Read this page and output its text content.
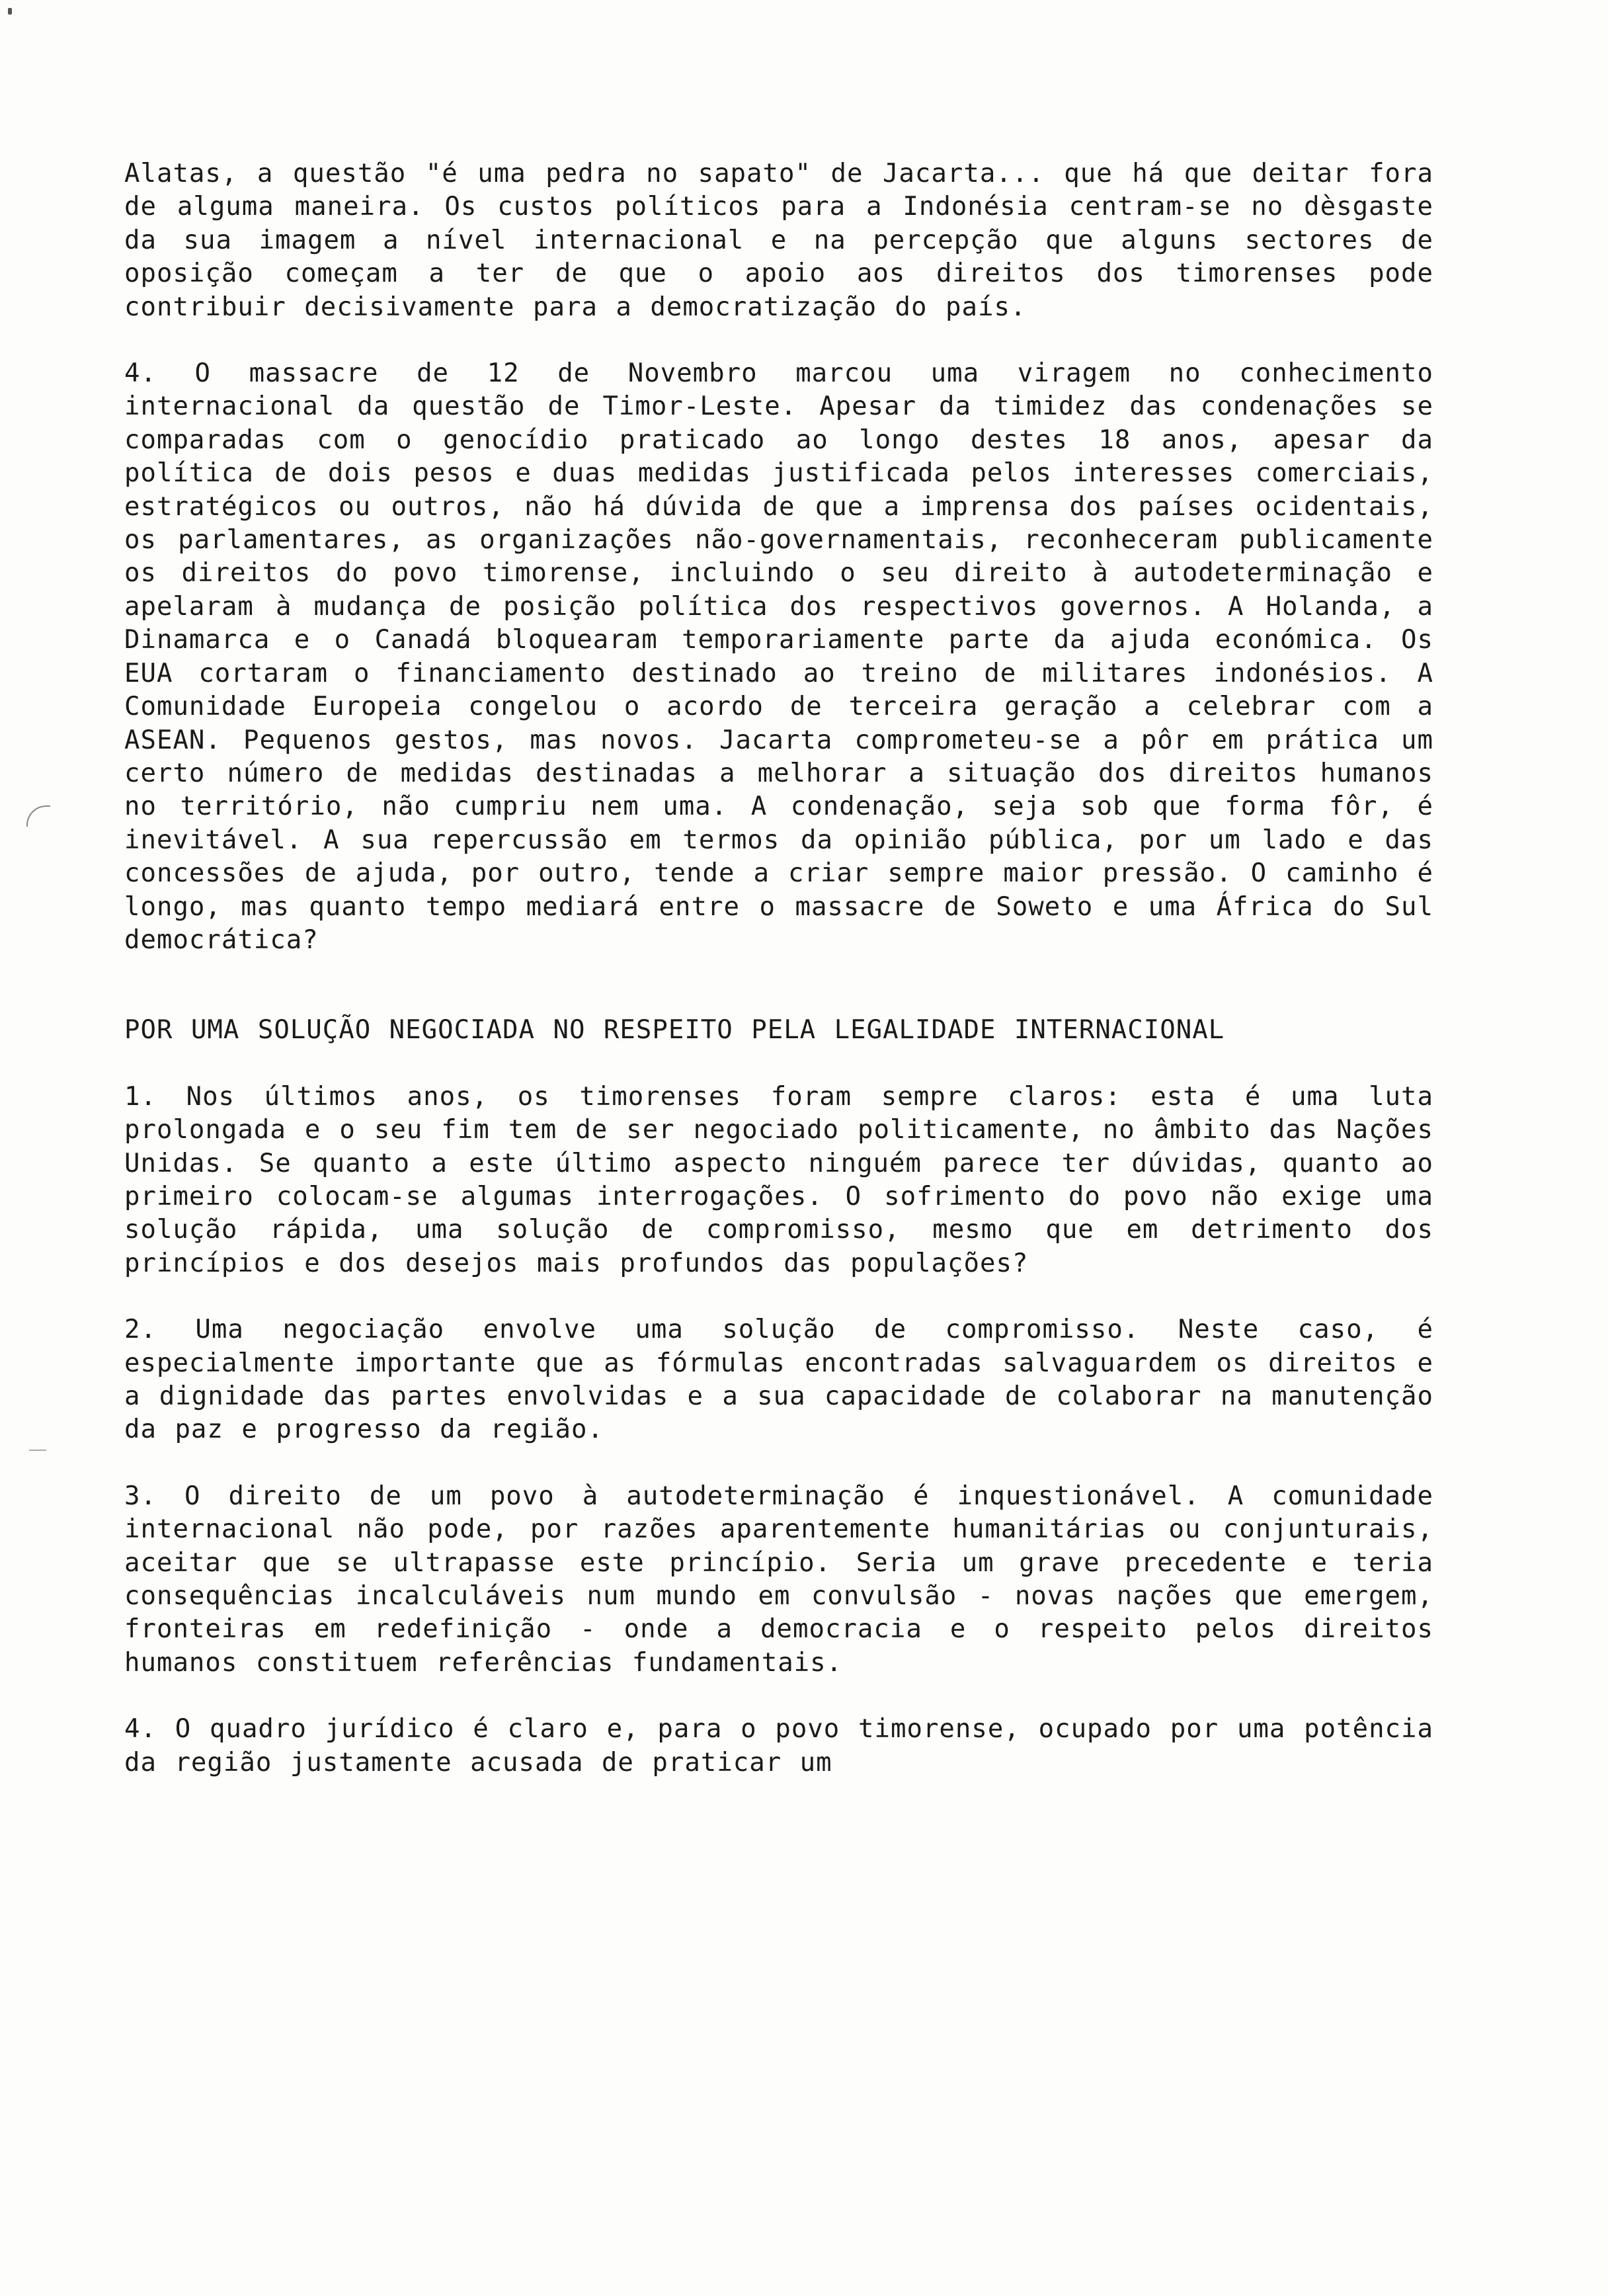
Alatas, a questão "é uma pedra no sapato" de Jacarta... que há que deitar fora de alguma maneira. Os custos políticos para a Indonésia centram-se no dèsgaste da sua imagem a nível internacional e na percepção que alguns sectores de oposição começam a ter de que o apoio aos direitos dos timorenses pode contribuir decisivamente para a democratização do país.

4. O massacre de 12 de Novembro marcou uma viragem no conhecimento internacional da questão de Timor-Leste. Apesar da timidez das condenações se comparadas com o genocídio praticado ao longo destes 18 anos, apesar da política de dois pesos e duas medidas justificada pelos interesses comerciais, estratégicos ou outros, não há dúvida de que a imprensa dos países ocidentais, os parlamentares, as organizações não-governamentais, reconheceram publicamente os direitos do povo timorense, incluindo o seu direito à autodeterminação e apelaram à mudança de posição política dos respectivos governos. A Holanda, a Dinamarca e o Canadá bloquearam temporariamente parte da ajuda económica. Os EUA cortaram o financiamento destinado ao treino de militares indonésios. A Comunidade Europeia congelou o acordo de terceira geração a celebrar com a ASEAN. Pequenos gestos, mas novos. Jacarta comprometeu-se a pôr em prática um certo número de medidas destinadas a melhorar a situação dos direitos humanos no território, não cumpriu nem uma. A condenação, seja sob que forma fôr, é inevitável. A sua repercussão em termos da opinião pública, por um lado e das concessões de ajuda, por outro, tende a criar sempre maior pressão. O caminho é longo, mas quanto tempo mediará entre o massacre de Soweto e uma África do Sul democrática?

POR UMA SOLUÇÃO NEGOCIADA NO RESPEITO PELA LEGALIDADE INTERNACIONAL

1. Nos últimos anos, os timorenses foram sempre claros: esta é uma luta prolongada e o seu fim tem de ser negociado politicamente, no âmbito das Nações Unidas. Se quanto a este último aspecto ninguém parece ter dúvidas, quanto ao primeiro colocam-se algumas interrogações. O sofrimento do povo não exige uma solução rápida, uma solução de compromisso, mesmo que em detrimento dos princípios e dos desejos mais profundos das populações?

2. Uma negociação envolve uma solução de compromisso. Neste caso, é especialmente importante que as fórmulas encontradas salvaguardem os direitos e a dignidade das partes envolvidas e a sua capacidade de colaborar na manutenção da paz e progresso da região.

3. O direito de um povo à autodeterminação é inquestionável. A comunidade internacional não pode, por razões aparentemente humanitárias ou conjunturais, aceitar que se ultrapasse este princípio. Seria um grave precedente e teria consequências incalculáveis num mundo em convulsão - novas nações que emergem, fronteiras em redefinição - onde a democracia e o respeito pelos direitos humanos constituem referências fundamentais.

4. O quadro jurídico é claro e, para o povo timorense, ocupado por uma potência da região justamente acusada de praticar um
